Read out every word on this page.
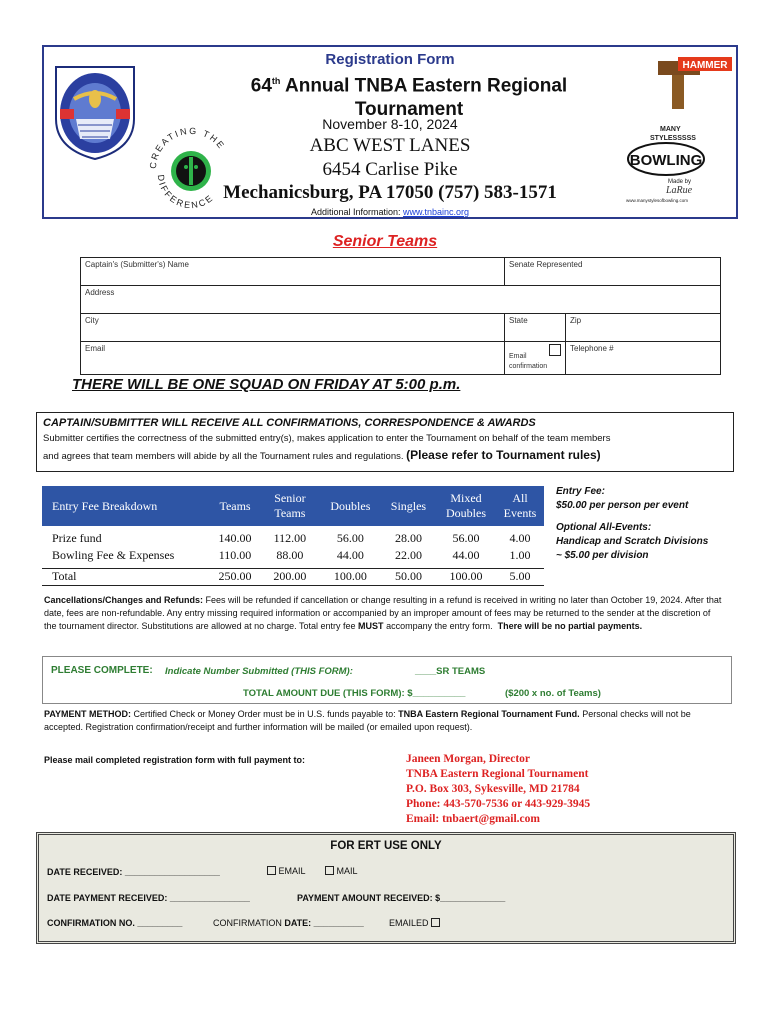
Registration Form
64th Annual TNBA Eastern Regional Tournament
November 8-10, 2024
ABC WEST LANES
6454 Carlise Pike
Mechanicsburg, PA 17050 (757) 583-1571
Additional Information: www.tnbainc.org
CREATING THE
DIFFERENCE
HAMMER
MANY
STYLESSSSS
BOWLING
Made by
LaRue
www.manystylesofbowling.com
Senior Teams
Captain's (Submitter's) Name	Senate Represented	
Address		
City	State	Zip
Email	Email confirmation	Telephone #
THERE WILL BE ONE SQUAD ON FRIDAY AT 5:00 p.m.
CAPTAIN/SUBMITTER WILL RECEIVE ALL CONFIRMATIONS, CORRESPONDENCE & AWARDS
Submitter certifies the correctness of the submitted entry(s), makes application to enter the Tournament on behalf of the team members
and agrees that team members will abide by all the Tournament rules and regulations. (Please refer to Tournament rules)
Entry Fee Breakdown	Teams	Senior Teams	Doubles	Singles	Mixed Doubles	All Events

Prize fund	140.00	112.00	56.00	28.00	56.00	4.00
Bowling Fee & Expenses	110.00	88.00	44.00	22.00	44.00	1.00

Total	250.00	200.00	100.00	50.00	100.00	5.00
Entry Fee:
$50.00 per person per event
Optional All-Events:
Handicap and Scratch Divisions
~ $5.00 per division
Cancellations/Changes and Refunds: Fees will be refunded if cancellation or change resulting in a refund is received in writing no later than October 19, 2024. After that date, fees are non-refundable. Any entry missing required information or accompanied by an improper amount of fees may be returned to the sender at the discretion of the tournament director. Substitutions are allowed at no charge. Total entry fee MUST accompany the entry form. There will be no partial payments.
PLEASE COMPLETE: Indicate Number Submitted (THIS FORM):	____SR TEAMS
TOTAL AMOUNT DUE (THIS FORM): $__________	($200 x no. of Teams)
PAYMENT METHOD: Certified Check or Money Order must be in U.S. funds payable to: TNBA Eastern Regional Tournament Fund. Personal checks will not be accepted. Registration confirmation/receipt and further information will be mailed (or emailed upon request).
Please mail completed registration form with full payment to:	Janeen Morgan, Director
TNBA Eastern Regional Tournament
P.O. Box 303, Sykesville, MD 21784
Phone: 443-570-7536 or 443-929-3945
Email: tnbaert@gmail.com
FOR ERT USE ONLY
DATE RECEIVED: ___________________	EMAIL	MAIL
DATE PAYMENT RECEIVED: ________________	PAYMENT AMOUNT RECEIVED: $_____________
CONFIRMATION NO. _________	CONFIRMATION DATE: __________	EMAILED
